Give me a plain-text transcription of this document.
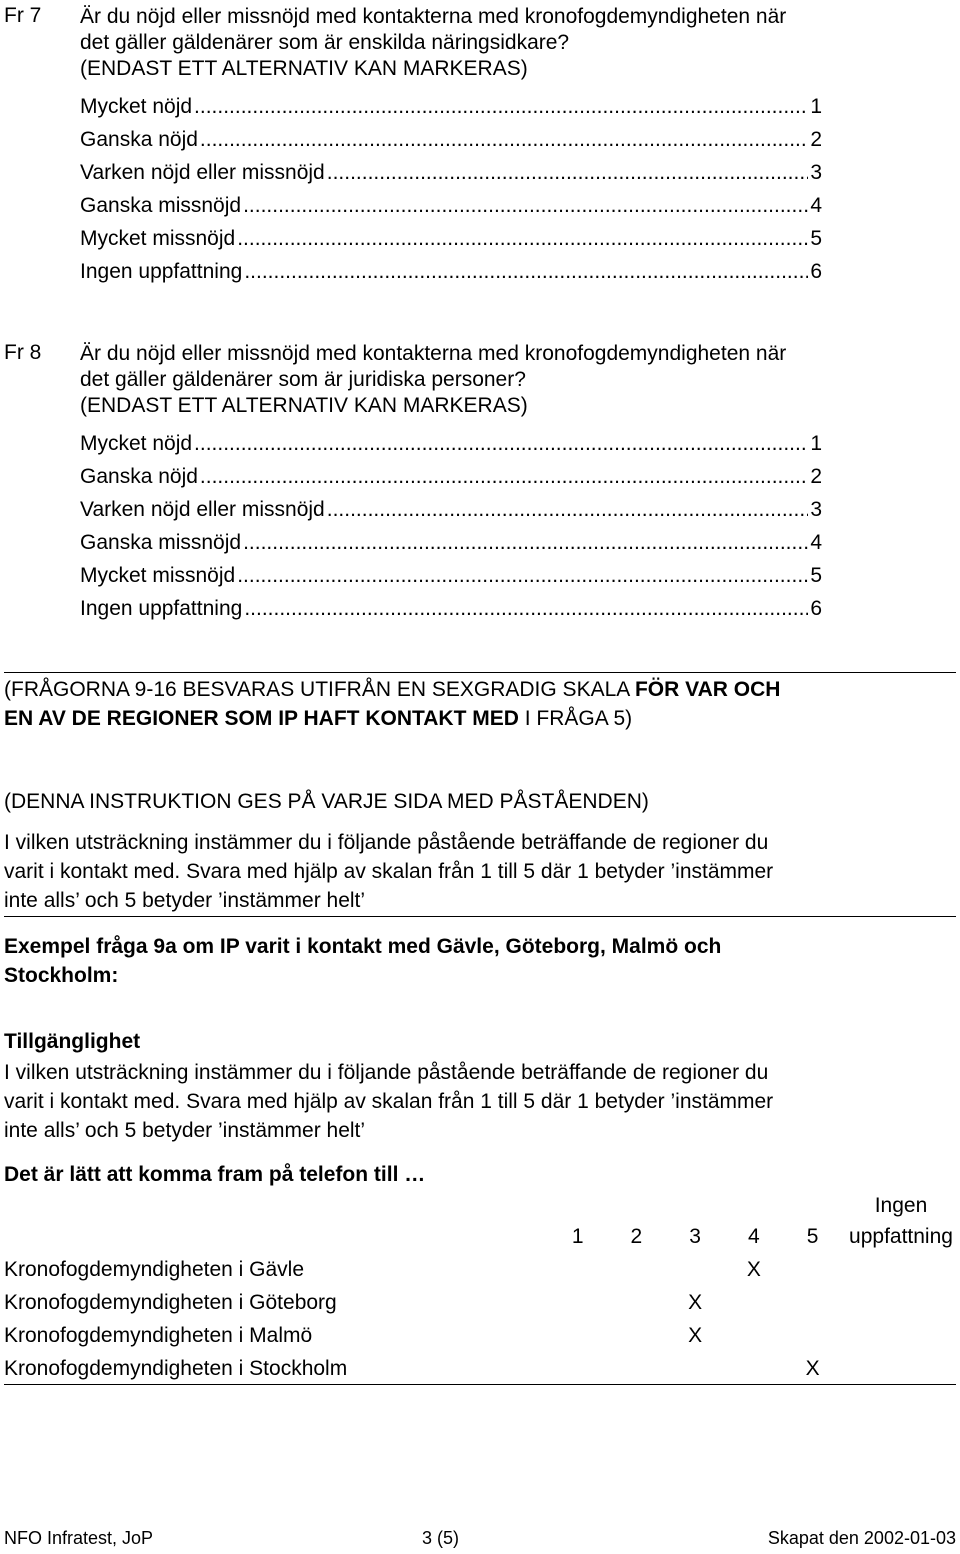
Fr 7	Är du nöjd eller missnöjd med kontakterna med kronofogdemyndigheten när
det gäller gäldenärer som är enskilda näringsidkare?
(ENDAST ETT ALTERNATIV KAN MARKERAS)
Mycket nöjd .....	1
Ganska nöjd .....	2
Varken nöjd eller missnöjd .....	3
Ganska missnöjd .....	4
Mycket missnöjd .....	5
Ingen uppfattning .....	6
Fr 8	Är du nöjd eller missnöjd med kontakterna med kronofogdemyndigheten när
det gäller gäldenärer som är juridiska personer?
(ENDAST ETT ALTERNATIV KAN MARKERAS)
Mycket nöjd .....	1
Ganska nöjd .....	2
Varken nöjd eller missnöjd .....	3
Ganska missnöjd .....	4
Mycket missnöjd .....	5
Ingen uppfattning .....	6
(FRÅGORNA 9-16 BESVARAS UTIFRÅN EN SEXGRADIG SKALA FÖR VAR OCH
EN AV DE REGIONER SOM IP HAFT KONTAKT MED I FRÅGA 5)
(DENNA INSTRUKTION GES PÅ VARJE SIDA MED PÅSTÅENDEN)
I vilken utsträckning instämmer du i följande påstående beträffande de regioner du
varit i kontakt med. Svara med hjälp av skalan från 1 till 5 där 1 betyder ’instämmer
inte alls’ och 5 betyder ’instämmer helt’
Exempel fråga 9a om IP varit i kontakt med Gävle, Göteborg, Malmö och
Stockholm:
Tillgänglighet
I vilken utsträckning instämmer du i följande påstående beträffande de regioner du
varit i kontakt med. Svara med hjälp av skalan från 1 till 5 där 1 betyder ’instämmer
inte alls’ och 5 betyder ’instämmer helt’
Det är lätt att komma fram på telefon till …
						Ingen
	1	2	3	4	5	uppfattning
Kronofogdemyndigheten i Gävle				X		
Kronofogdemyndigheten i Göteborg			X			
Kronofogdemyndigheten i Malmö			X			
Kronofogdemyndigheten i Stockholm					X	
NFO Infratest, JoP	3 (5)	Skapat den 2002-01-03
